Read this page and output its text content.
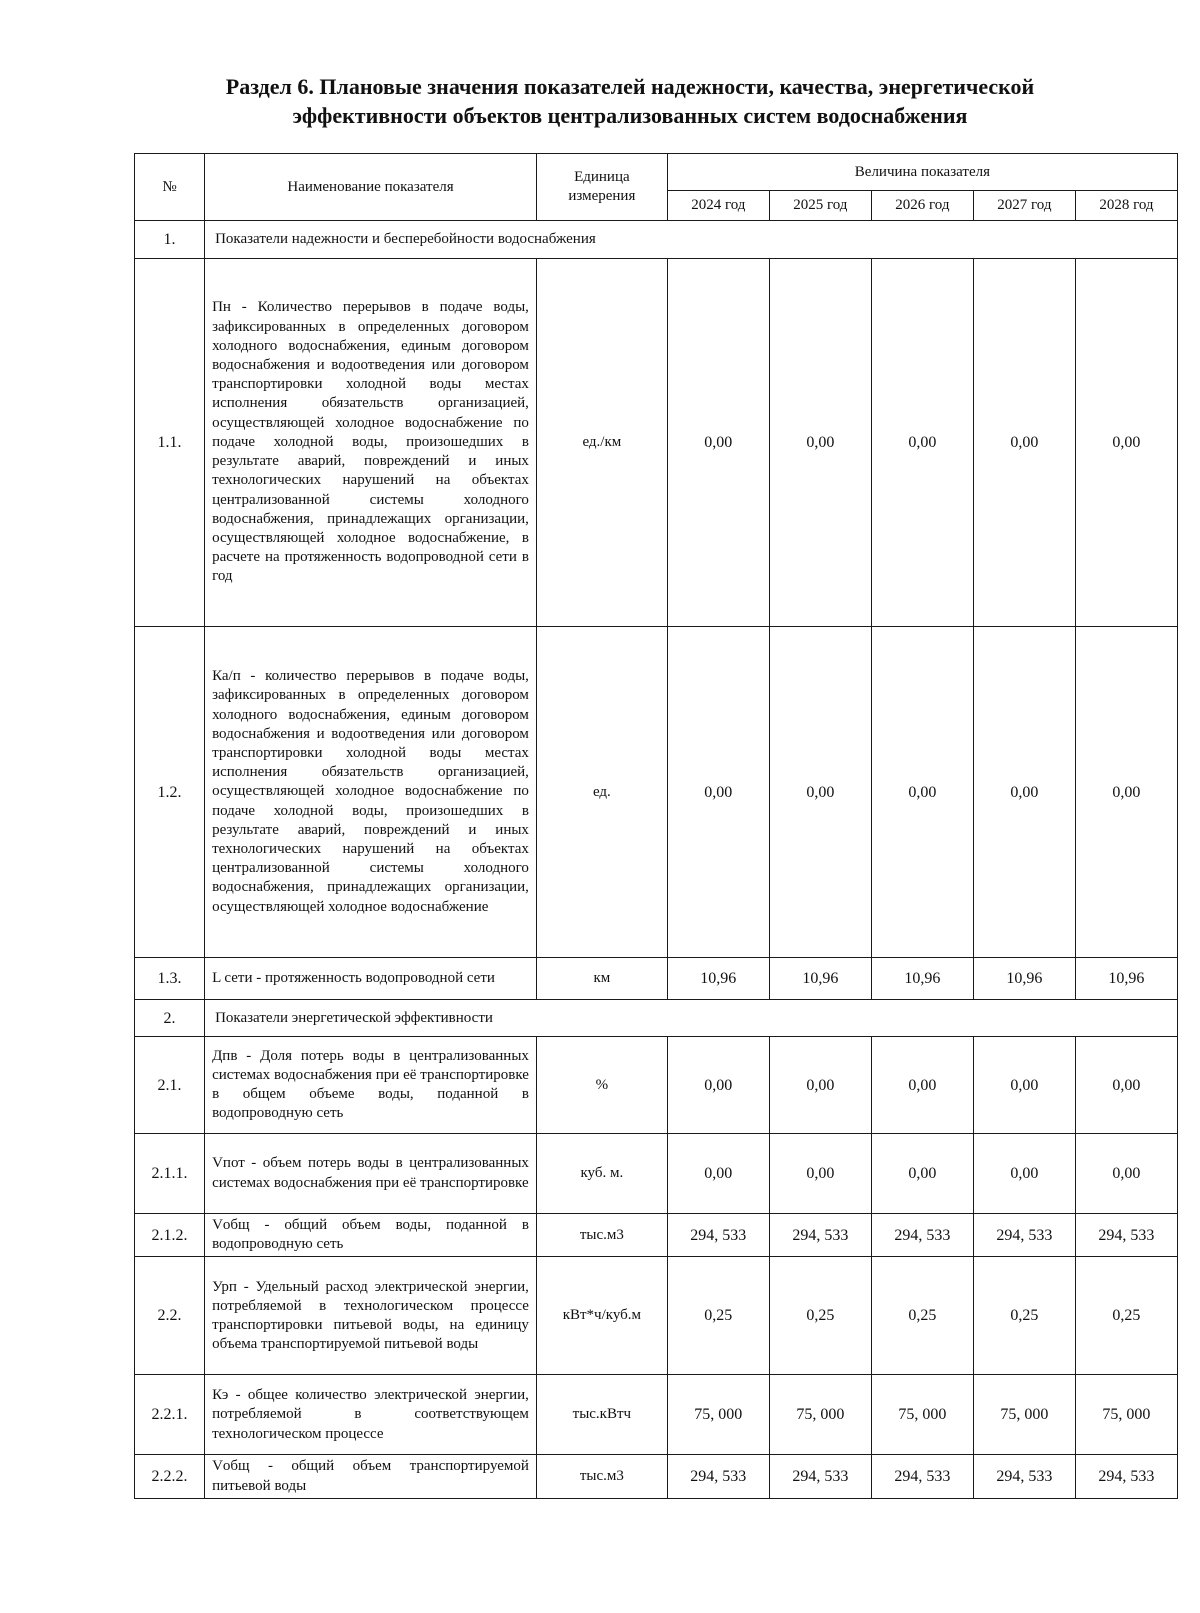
Раздел 6. Плановые значения показателей надежности, качества, энергетической
эффективности объектов централизованных систем водоснабжения
№	Наименование показателя	Единица измерения	Величина показателя				
			2024 год	2025 год	2026 год	2027 год	2028 год
1.	Показатели надежности и бесперебойности водоснабжения						
1.1.	Пн - Количество перерывов в подаче воды, зафиксированных в определенных договором холодного водоснабжения, единым договором водоснабжения и водоотведения или договором транспортировки холодной воды местах исполнения обязательств организацией, осуществляющей холодное водоснабжение по подаче холодной воды, произошедших в результате аварий, повреждений и иных технологических нарушений на объектах централизованной системы холодного водоснабжения, принадлежащих организации, осуществляющей холодное водоснабжение, в расчете на протяженность водопроводной сети в год	ед./км	0,00	0,00	0,00	0,00	0,00
1.2.	Ка/п - количество перерывов в подаче воды, зафиксированных в определенных договором холодного водоснабжения, единым договором водоснабжения и водоотведения или договором транспортировки холодной воды местах исполнения обязательств организацией, осуществляющей холодное водоснабжение по подаче холодной воды, произошедших в результате аварий, повреждений и иных технологических нарушений на объектах централизованной системы холодного водоснабжения, принадлежащих организации, осуществляющей холодное водоснабжение	ед.	0,00	0,00	0,00	0,00	0,00
1.3.	L сети - протяженность водопроводной сети	км	10,96	10,96	10,96	10,96	10,96
2.	Показатели энергетической эффективности						
2.1.	Дпв - Доля потерь воды в централизованных системах водоснабжения при её транспортировке в общем объеме воды, поданной в водопроводную сеть	%	0,00	0,00	0,00	0,00	0,00
2.1.1.	Vпот - объем потерь воды в централизованных системах водоснабжения при её транспортировке	куб. м.	0,00	0,00	0,00	0,00	0,00
2.1.2.	Vобщ - общий объем воды, поданной в водопроводную сеть	тыс.м3	294, 533	294, 533	294, 533	294, 533	294, 533
2.2.	Урп - Удельный расход электрической энергии, потребляемой в технологическом процессе транспортировки питьевой воды, на единицу объема транспортируемой питьевой воды	кВт*ч/куб.м	0,25	0,25	0,25	0,25	0,25
2.2.1.	Кэ - общее количество электрической энергии, потребляемой в соответствующем технологическом процессе	тыс.кВтч	75, 000	75, 000	75, 000	75, 000	75, 000
2.2.2.	Vобщ - общий объем транспортируемой питьевой воды	тыс.м3	294, 533	294, 533	294, 533	294, 533	294, 533
